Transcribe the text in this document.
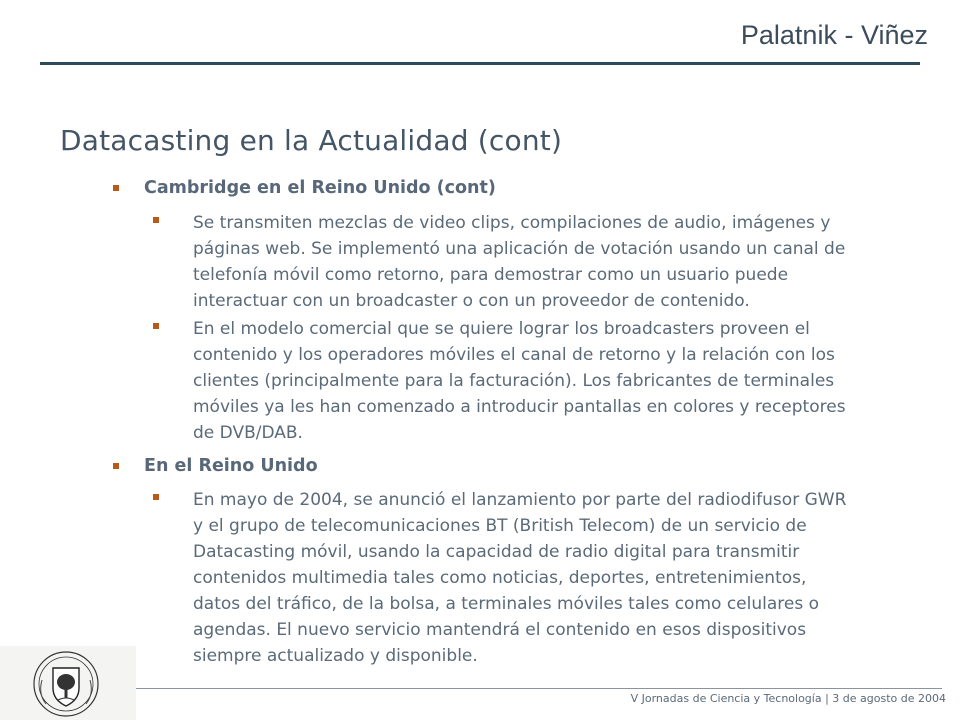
Palatnik - Viñez
Datacasting en la Actualidad (cont)
Cambridge en el Reino Unido (cont)
Se transmiten mezclas de video clips, compilaciones de audio, imágenes y
páginas web. Se implementó una aplicación de votación usando un canal de
telefonía móvil como retorno, para demostrar como un usuario puede
interactuar con un broadcaster o con un proveedor de contenido.
En el modelo comercial que se quiere lograr los broadcasters proveen el
contenido y los operadores móviles el canal de retorno y la relación con los
clientes (principalmente para la facturación). Los fabricantes de terminales
móviles ya les han comenzado a introducir pantallas en colores y receptores
de DVB/DAB.
En el Reino Unido
En mayo de 2004, se anunció el lanzamiento por parte del radiodifusor GWR
y el grupo de telecomunicaciones BT (British Telecom) de un servicio de
Datacasting móvil, usando la capacidad de radio digital para transmitir
contenidos multimedia tales como noticias, deportes, entretenimientos,
datos del tráfico, de la bolsa, a terminales móviles tales como celulares o
agendas. El nuevo servicio mantendrá el contenido en esos dispositivos
siempre actualizado y disponible.
V Jornadas de Ciencia y Tecnología | 3 de agosto de 2004
